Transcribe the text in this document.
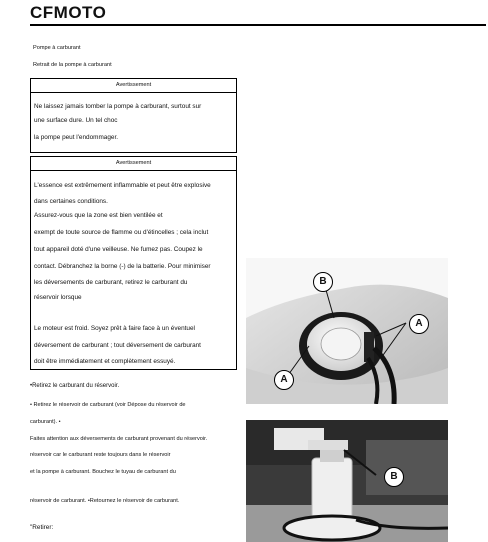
CFMOTO
Pompe à carburant
Retrait de la pompe à carburant
Avertissement
Ne laissez jamais tomber la pompe à carburant, surtout sur
une surface dure. Un tel choc
la pompe peut l'endommager.
Avertissement
L'essence est extrêmement inflammable et peut être explosive
dans certaines conditions.
Assurez-vous que la zone est bien ventilée et
exempt de toute source de flamme ou d'étincelles ; cela inclut
tout appareil doté d'une veilleuse. Ne fumez pas. Coupez le
contact. Débranchez la borne (-) de la batterie. Pour minimiser
les déversements de carburant, retirez le carburant du
réservoir lorsque
Le moteur est froid. Soyez prêt à faire face à un éventuel
déversement de carburant ; tout déversement de carburant
doit être immédiatement et complètement essuyé.
•Retirez le carburant du réservoir.
• Retirez le réservoir de carburant (voir Dépose du réservoir de
carburant). •
Faites attention aux déversements de carburant provenant du réservoir.
réservoir car le carburant reste toujours dans le réservoir
et la pompe à carburant. Bouchez le tuyau de carburant du
réservoir de carburant. •Retournez le réservoir de carburant.
"Retirer:
B
A
A
B
